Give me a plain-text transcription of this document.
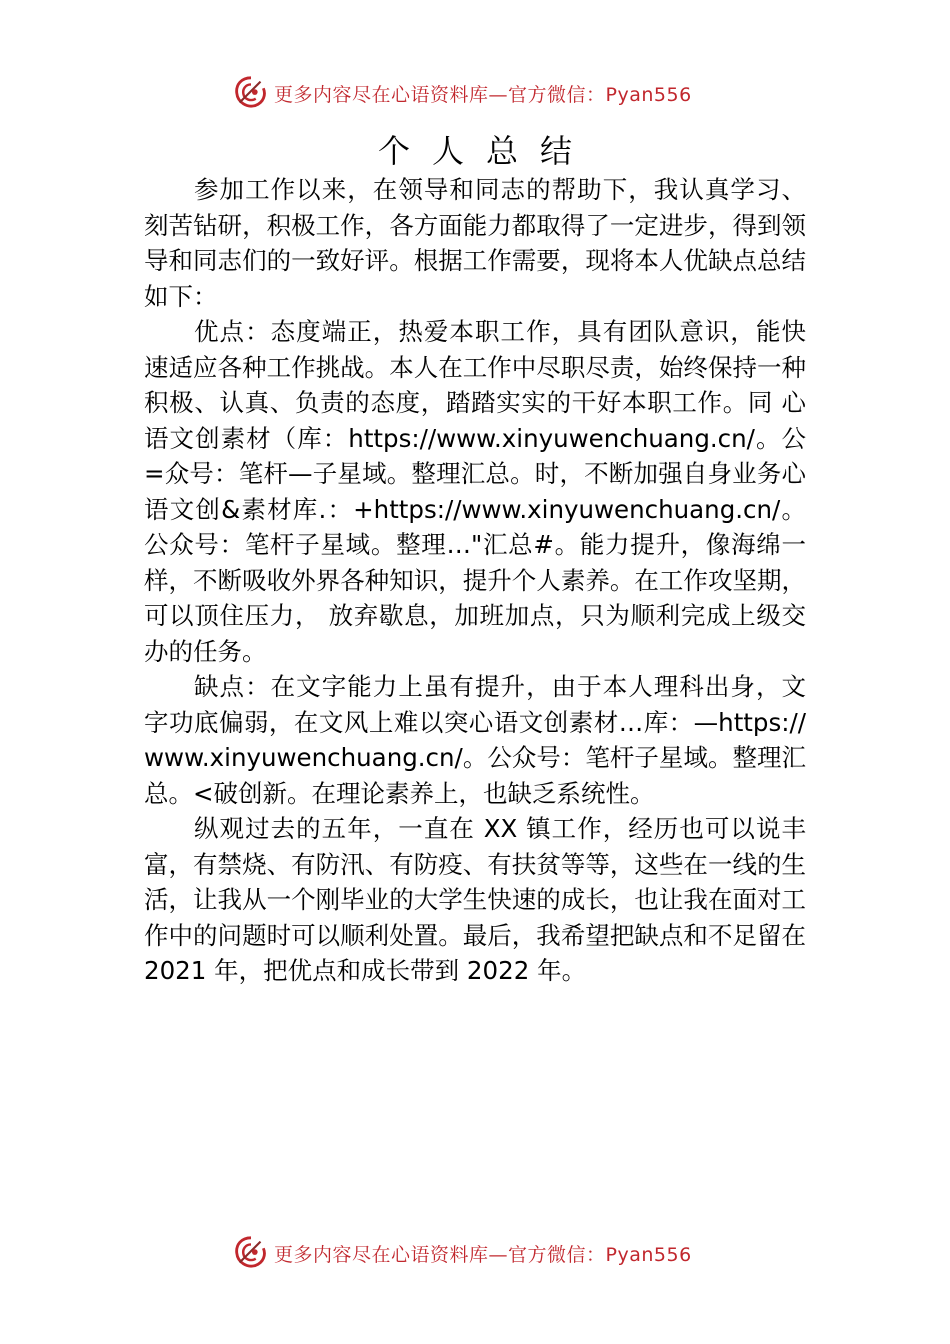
更多内容尽在心语资料库—官方微信：Pyan556
个人总结

参加工作以来，在领导和同志的帮助下，我认真学习、刻苦钻研，积极工作，各方面能力都取得了一定进步，得到领导和同志们的一致好评。根据工作需要，现将本人优缺点总结如下：

优点：态度端正，热爱本职工作，具有团队意识，能快速适应各种工作挑战。本人在工作中尽职尽责，始终保持一种积极、认真、负责的态度，踏踏实实的干好本职工作。同 心语文创素材（库：https://www.xinyuwenchuang.cn/。公=众号：笔杆—子星域。整理汇总。时，不断加强自身业务心语文创&素材库.：+https://www.xinyuwenchuang.cn/。公众号：笔杆子星域。整理…"汇总#。能力提升，像海绵一样，不断吸收外界各种知识，提升个人素养。在工作攻坚期，可以顶住压力， 放弃歇息，加班加点，只为顺利完成上级交办的任务。

缺点：在文字能力上虽有提升，由于本人理科出身，文字功底偏弱，在文风上难以突心语文创素材…库：—https://www.xinyuwenchuang.cn/。公众号：笔杆子星域。整理汇总。<破创新。在理论素养上，也缺乏系统性。

纵观过去的五年，一直在 XX 镇工作，经历也可以说丰富，有禁烧、有防汛、有防疫、有扶贫等等，这些在一线的生活，让我从一个刚毕业的大学生快速的成长，也让我在面对工作中的问题时可以顺利处置。最后，我希望把缺点和不足留在 2021 年，把优点和成长带到 2022 年。

更多内容尽在心语资料库—官方微信：Pyan556
